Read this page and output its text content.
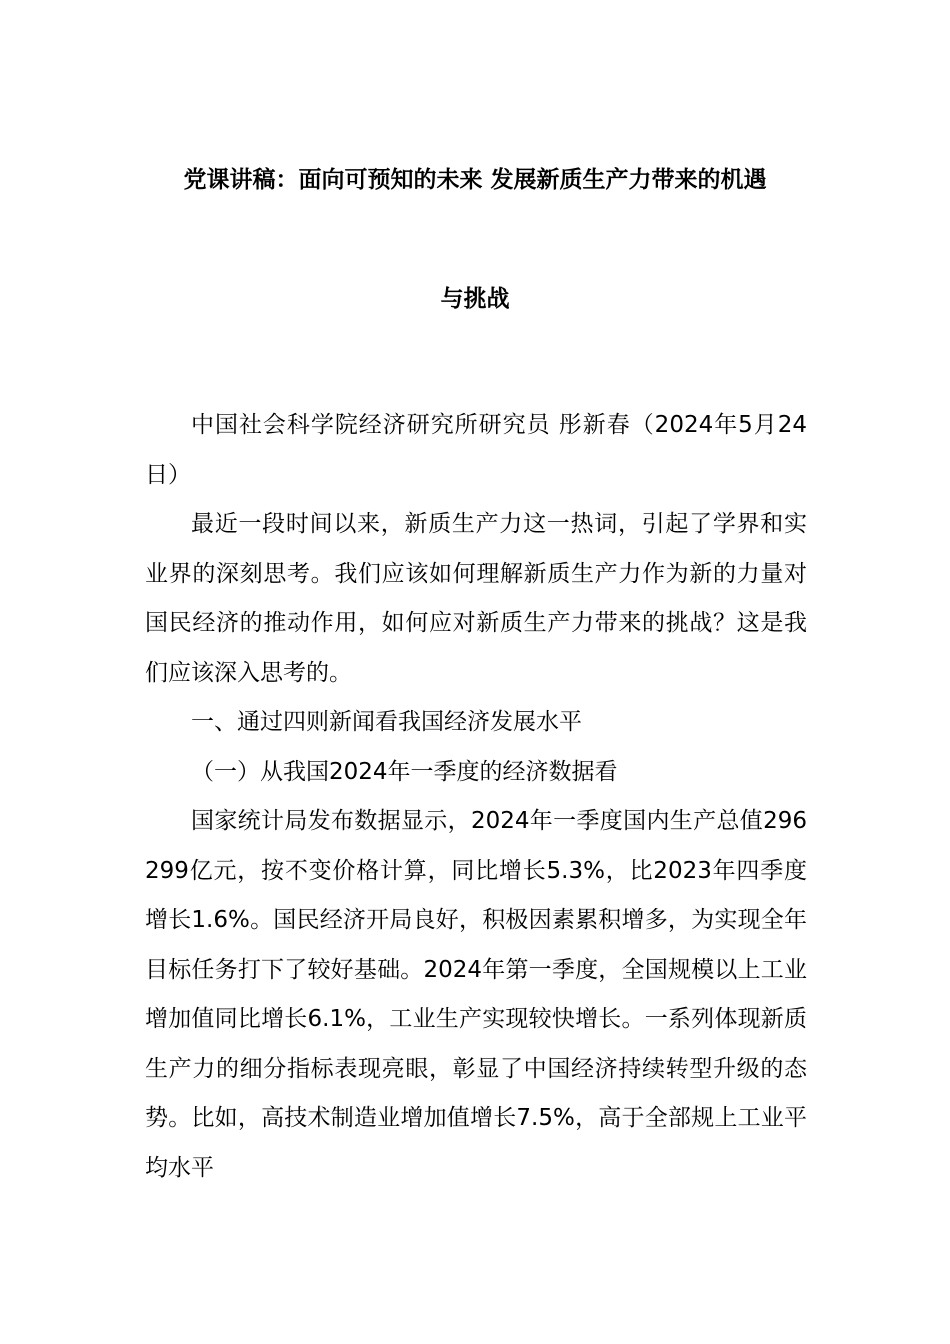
党课讲稿：面向可预知的未来 发展新质生产力带来的机遇
与挑战

中国社会科学院经济研究所研究员 彤新春（2024年5月24日）

最近一段时间以来，新质生产力这一热词，引起了学界和实业界的深刻思考。我们应该如何理解新质生产力作为新的力量对国民经济的推动作用，如何应对新质生产力带来的挑战？这是我们应该深入思考的。

一、通过四则新闻看我国经济发展水平

（一）从我国2024年一季度的经济数据看

国家统计局发布数据显示，2024年一季度国内生产总值296299亿元，按不变价格计算，同比增长5.3%，比2023年四季度增长1.6%。国民经济开局良好，积极因素累积增多，为实现全年目标任务打下了较好基础。2024年第一季度，全国规模以上工业增加值同比增长6.1%，工业生产实现较快增长。一系列体现新质生产力的细分指标表现亮眼，彰显了中国经济持续转型升级的态势。比如，高技术制造业增加值增长7.5%，高于全部规上工业平均水平
